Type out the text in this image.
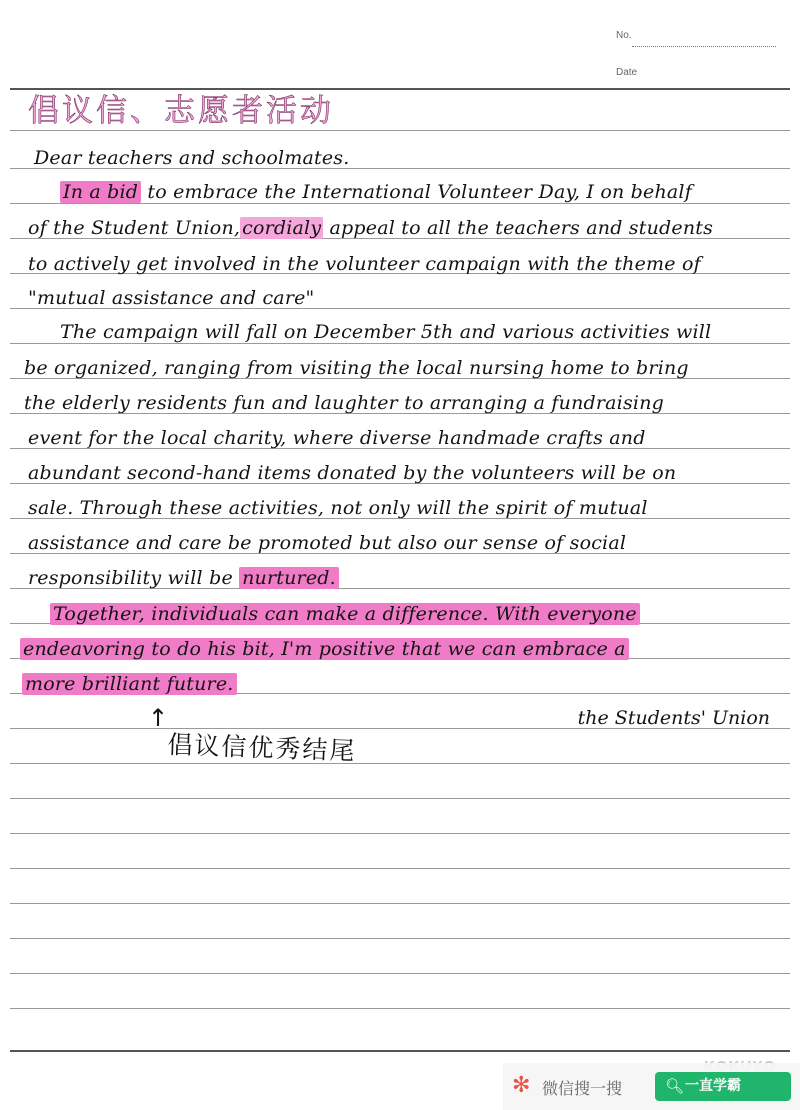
No.
Date
倡议信、志愿者活动
Dear teachers and schoolmates.
In a bid to embrace the International Volunteer Day, I on behalf
of the Student Union, cordialy appeal to all the teachers and students
to actively get involved in the volunteer campaign with the theme of
"mutual assistance and care"
The campaign will fall on December 5th and various activities will
be organized, ranging from visiting the local nursing home to bring
the elderly residents fun and laughter to arranging a fundraising
event for the local charity, where diverse handmade crafts and
abundant second-hand items donated by the volunteers will be on
sale. Through these activities, not only will the spirit of mutual
assistance and care be promoted but also our sense of social
responsibility will be nurtured.
Together, individuals can make a difference. With everyone
endeavoring to do his bit, I'm positive that we can embrace a
more brilliant future.
the Students' Union
↑
倡议信优秀结尾
✻ 微信搜一搜	🔍︎ 一直学霸
